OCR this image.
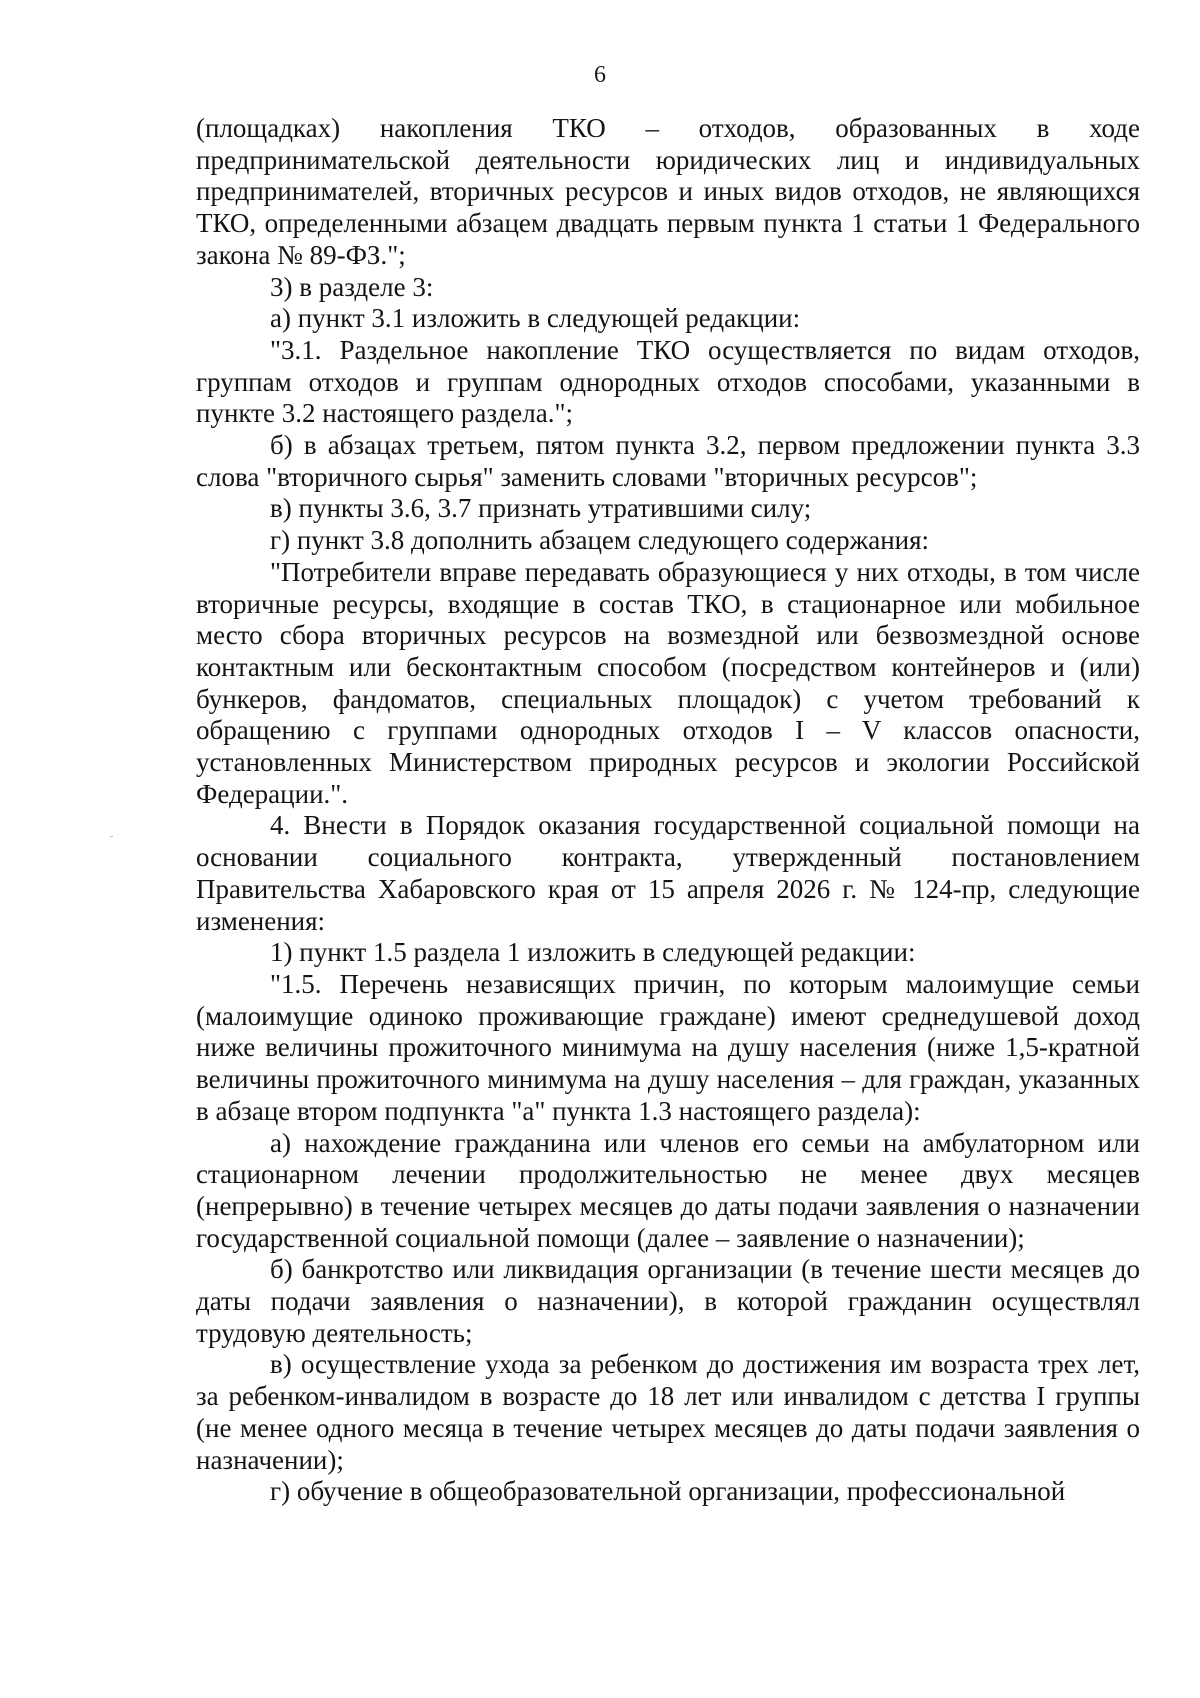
6

(площадках) накопления ТКО – отходов, образованных в ходе предпринимательской деятельности юридических лиц и индивидуальных предпринимателей, вторичных ресурсов и иных видов отходов, не являющихся ТКО, определенными абзацем двадцать первым пункта 1 статьи 1 Федерального закона № 89-ФЗ.";

3) в разделе 3:

а) пункт 3.1 изложить в следующей редакции:

"3.1. Раздельное накопление ТКО осуществляется по видам отходов, группам отходов и группам однородных отходов способами, указанными в пункте 3.2 настоящего раздела.";

б) в абзацах третьем, пятом пункта 3.2, первом предложении пункта 3.3 слова "вторичного сырья" заменить словами "вторичных ресурсов";

в) пункты 3.6, 3.7 признать утратившими силу;

г) пункт 3.8 дополнить абзацем следующего содержания:

"Потребители вправе передавать образующиеся у них отходы, в том числе вторичные ресурсы, входящие в состав ТКО, в стационарное или мобильное место сбора вторичных ресурсов на возмездной или безвозмездной основе контактным или бесконтактным способом (посредством контейнеров и (или) бункеров, фандоматов, специальных площадок) с учетом требований к обращению с группами однородных отходов I – V классов опасности, установленных Министерством природных ресурсов и экологии Российской Федерации.".

4. Внести в Порядок оказания государственной социальной помощи на основании социального контракта, утвержденный постановлением Правительства Хабаровского края от 15 апреля 2026 г. № 124-пр, следующие изменения:

1) пункт 1.5 раздела 1 изложить в следующей редакции:

"1.5. Перечень независящих причин, по которым малоимущие семьи (малоимущие одиноко проживающие граждане) имеют среднедушевой доход ниже величины прожиточного минимума на душу населения (ниже 1,5-кратной величины прожиточного минимума на душу населения – для граждан, указанных в абзаце втором подпункта "а" пункта 1.3 настоящего раздела):

а) нахождение гражданина или членов его семьи на амбулаторном или стационарном лечении продолжительностью не менее двух месяцев (непрерывно) в течение четырех месяцев до даты подачи заявления о назначении государственной социальной помощи (далее – заявление о назначении);

б) банкротство или ликвидация организации (в течение шести месяцев до даты подачи заявления о назначении), в которой гражданин осуществлял трудовую деятельность;

в) осуществление ухода за ребенком до достижения им возраста трех лет, за ребенком-инвалидом в возрасте до 18 лет или инвалидом с детства I группы (не менее одного месяца в течение четырех месяцев до даты подачи заявления о назначении);

г) обучение в общеобразовательной организации, профессиональной
